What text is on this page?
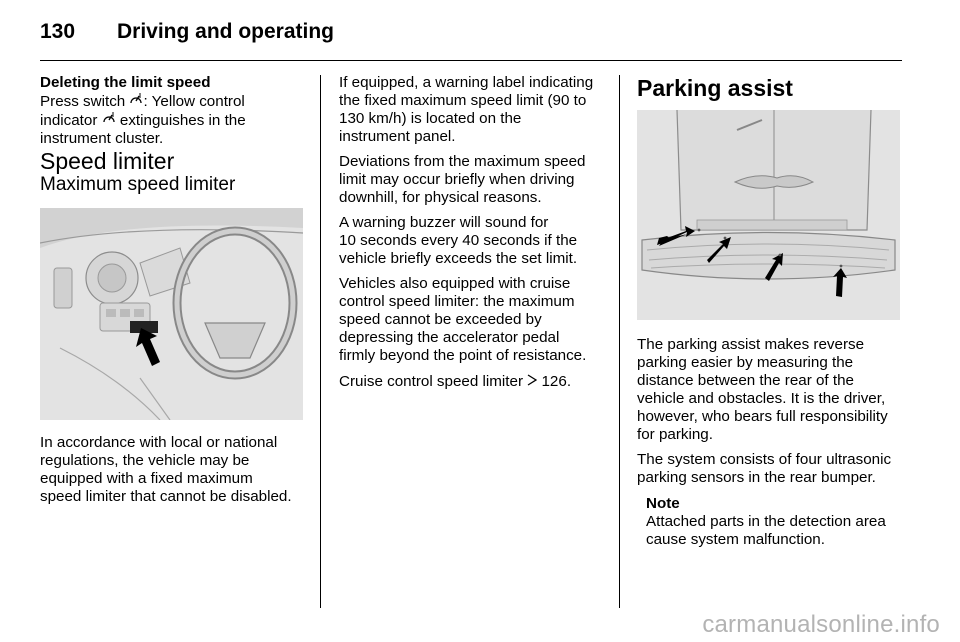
130 Driving and operating

Deleting the limit speed

Press switch : Yellow control

indicator extinguishes in the

instrument cluster.

Speed limiter

Maximum speed limiter

In accordance with local or national

regulations, the vehicle may be

equipped with a fixed maximum

speed limiter that cannot be disabled.

If equipped, a warning label indicating

the fixed maximum speed limit (90 to

130 km/h) is located on the

instrument panel.

Deviations from the maximum speed

limit may occur briefly when driving

downhill, for physical reasons.

A warning buzzer will sound for

10 seconds every 40 seconds if the

vehicle briefly exceeds the set limit.

Vehicles also equipped with cruise

control speed limiter: the maximum

speed cannot be exceeded by

depressing the accelerator pedal

firmly beyond the point of resistance.

Cruise control speed limiter 126.

Parking assist

The parking assist makes reverse

parking easier by measuring the

distance between the rear of the

vehicle and obstacles. It is the driver,

however, who bears full responsibility

for parking.

The system consists of four ultrasonic

parking sensors in the rear bumper.

Note

Attached parts in the detection area

cause system malfunction.

carmanualsonline.info
